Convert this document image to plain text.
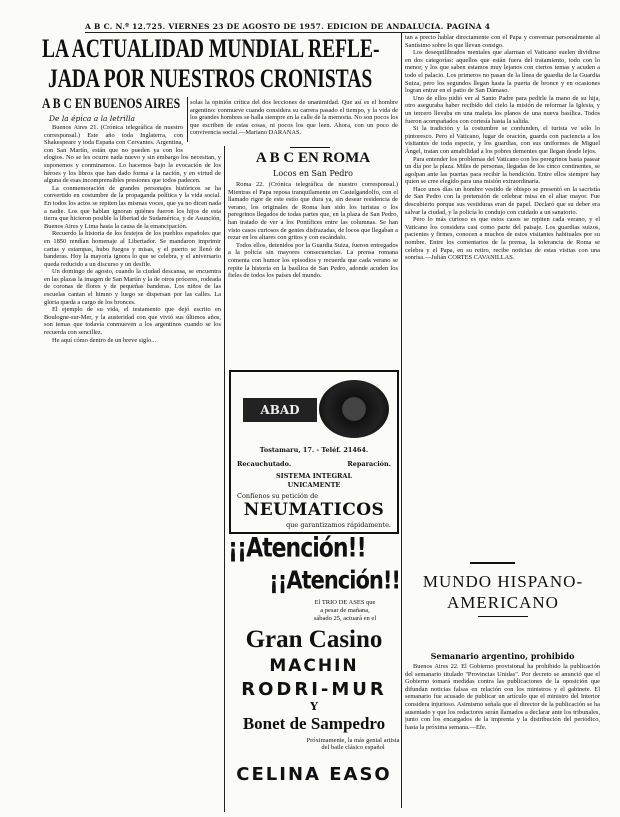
A B C. N.º 12.725. VIERNES 23 DE AGOSTO DE 1957. EDICION DE ANDALUCIA. PAGINA 4
LA ACTUALIDAD MUNDIAL REFLE-
JADA POR NUESTROS CRONISTAS
A B C EN BUENOS AIRES
De la épica a la letrilla

Buenos Aires 21. (Crónica telegráfica de nuestro corresponsal.) Este año toda Inglaterra, con Shakespeare y toda España con Cervantes. Argentina, con San Martín, están que no pueden ya con los elogios. No se les ocurre nada nuevo y sin embargo los necesitan, y suponemos y conminamos. Lo hacemos bajo la evocación de los héroes y los libros que han dado forma a la nación, y en virtud de alguna de esas incomprensibles presiones que todos padecen.

La conmemoración de grandes personajes históricos se ha convertido en costumbre de la propaganda política y la vida social. En todos los actos se repiten las mismas voces, que ya no dicen nada a nadie. Los que hablan ignoran quiénes fueron los hijos de esta tierra que hicieron posible la libertad de Sudamérica, y de Asunción, Buenos Aires y Lima hasta la causa de la emancipación.

Recuerdo la historia de los festejos de los pueblos españoles que en 1850 rendían homenaje al Libertador. Se mandaron imprimir cartas y estampas, hubo fuegos y misas, y el puerto se llenó de banderas. Hoy la mayoría ignora lo que se celebra, y el aniversario queda reducido a un discurso y un desfile.

Un domingo de agosto, cuando la ciudad descansa, se encuentra en las plazas la imagen de San Martín y la de otros próceres, rodeada de coronas de flores y de pequeñas banderas. Los niños de las escuelas cantan el himno y luego se dispersan por las calles. La gloria queda a cargo de los bronces.

El ejemplo de su vida, el testamento que dejó escrito en Boulogne-sur-Mer, y la austeridad con que vivió sus últimos años, son temas que todavía conmueven a los argentinos cuando se los recuerda con sencillez.

He aquí cómo dentro de un breve siglo...

solas la opinión crítica del dos lecciones de unanimidad. Que así es el hombre argentino: conmueve cuando considera su carrera pasado el tiempo, y la vida de los grandes hombres se halla siempre en la calle de la memoria. No son pocos los que escriben de estas cosas, ni pocos los que leen. Ahora, con un poco de convivencia social.—Mariano DARANAS.

A B C EN ROMA
Locos en San Pedro

Roma 22. (Crónica telegráfica de nuestro corresponsal.) Mientras el Papa reposa tranquilamente en Castelgandolfo, con el llamado rigor de este estío que dura ya, sin desear residencia de verano, los originales de Roma han sido los turistas o los peregrinos llegados de todas partes que, en la plaza de San Pedro, han tratado de ver a los Pontífices entre las columnas. Se han visto casos curiosos de gentes disfrazadas, de locos que llegaban a rezar en los altares con gritos y con escándalo.

Todos ellos, detenidos por la Guardia Suiza, fueron entregados a la policía sin mayores consecuencias. La prensa romana comenta con humor los episodios y recuerda que cada verano se repite la historia en la basílica de San Pedro, adonde acuden los fieles de todos los países del mundo.

ABAD
Tostamaru, 17. - Teléf. 21464.
Recauchutado.	Reparación.
SISTEMA INTEGRAL
UNICAMENTE
Confíenos su petición de
NEUMATICOS
que garantizamos rápidamente.
¡¡Atención!!
¡¡Atención!!
El TRIO DE ASES que
a pesar de mañana,
sábado 25, actuará en el
Gran Casino
MACHIN
RODRI-MUR
Y
Bonet de Sampedro
Próximamente, la más genial artista del baile clásico español
CELINA EASO

tan a precio hablar directamente con el Papa y conversar personalmente al Santísimo sobre lo que llevan consigo.

Los desequilibrados mentales que alarman el Vaticano suelen dividirse en dos categorías: aquellos que están fuera del tratamiento, todo con lo menor, y los que saben estamos muy lejanos con ciertos temas y acuden a todo el palacio. Los primeros no pasan de la línea de guardia de la Guardia Suiza, pero los segundos llegan hasta la puerta de bronce y en ocasiones logran entrar en el patio de San Dámaso.

Uno de ellos pidió ver al Santo Padre para pedirle la mano de su hija, otro aseguraba haber recibido del cielo la misión de reformar la Iglesia, y un tercero llevaba en una maleta los planos de una nueva basílica. Todos fueron acompañados con cortesía hasta la salida.

Si la tradición y la costumbre se confunden, el turista ve sólo lo pintoresco. Pero el Vaticano, lugar de oración, guarda con paciencia a los visitantes de toda especie, y los guardias, con sus uniformes de Miguel Ángel, tratan con amabilidad a los pobres dementes que llegan desde lejos.

Para entender los problemas del Vaticano con los peregrinos basta pasear un día por la plaza. Miles de personas, llegadas de los cinco continentes, se agolpan ante las puertas para recibir la bendición. Entre ellos siempre hay quien se cree elegido para una misión extraordinaria.

Hace unos días un hombre vestido de obispo se presentó en la sacristía de San Pedro con la pretensión de celebrar misa en el altar mayor. Fue descubierto porque sus vestiduras eran de papel. Declaró que su deber era salvar la ciudad, y la policía lo condujo con cuidado a un sanatorio.

Pero lo más curioso es que estos casos se repiten cada verano, y el Vaticano los considera casi como parte del paisaje. Los guardias suizos, pacientes y firmes, conocen a muchos de estos visitantes habituales por su nombre. Entre los comentarios de la prensa, la tolerancia de Roma se celebra y el Papa, en su retiro, recibe noticias de estas visitas con una sonrisa.—Julián CORTES CAVANILLAS.

MUNDO HISPANO-
AMERICANO
Semanario argentino, prohibido

Buenos Aires 22. El Gobierno provisional ha prohibido la publicación del semanario titulado "Provincias Unidas". Por decreto se anunció que el Gobierno tomará medidas contra las publicaciones de la oposición que difundan noticias falsas en relación con los ministros y el gabinete. El semanario fue acusado de publicar un artículo que el ministro del Interior considera injurioso. Asimismo señala que el director de la publicación se ha ausentado y que los redactores serán llamados a declarar ante los tribunales, junto con los encargados de la imprenta y la distribución del periódico, hasta la próxima semana.—Efe.
